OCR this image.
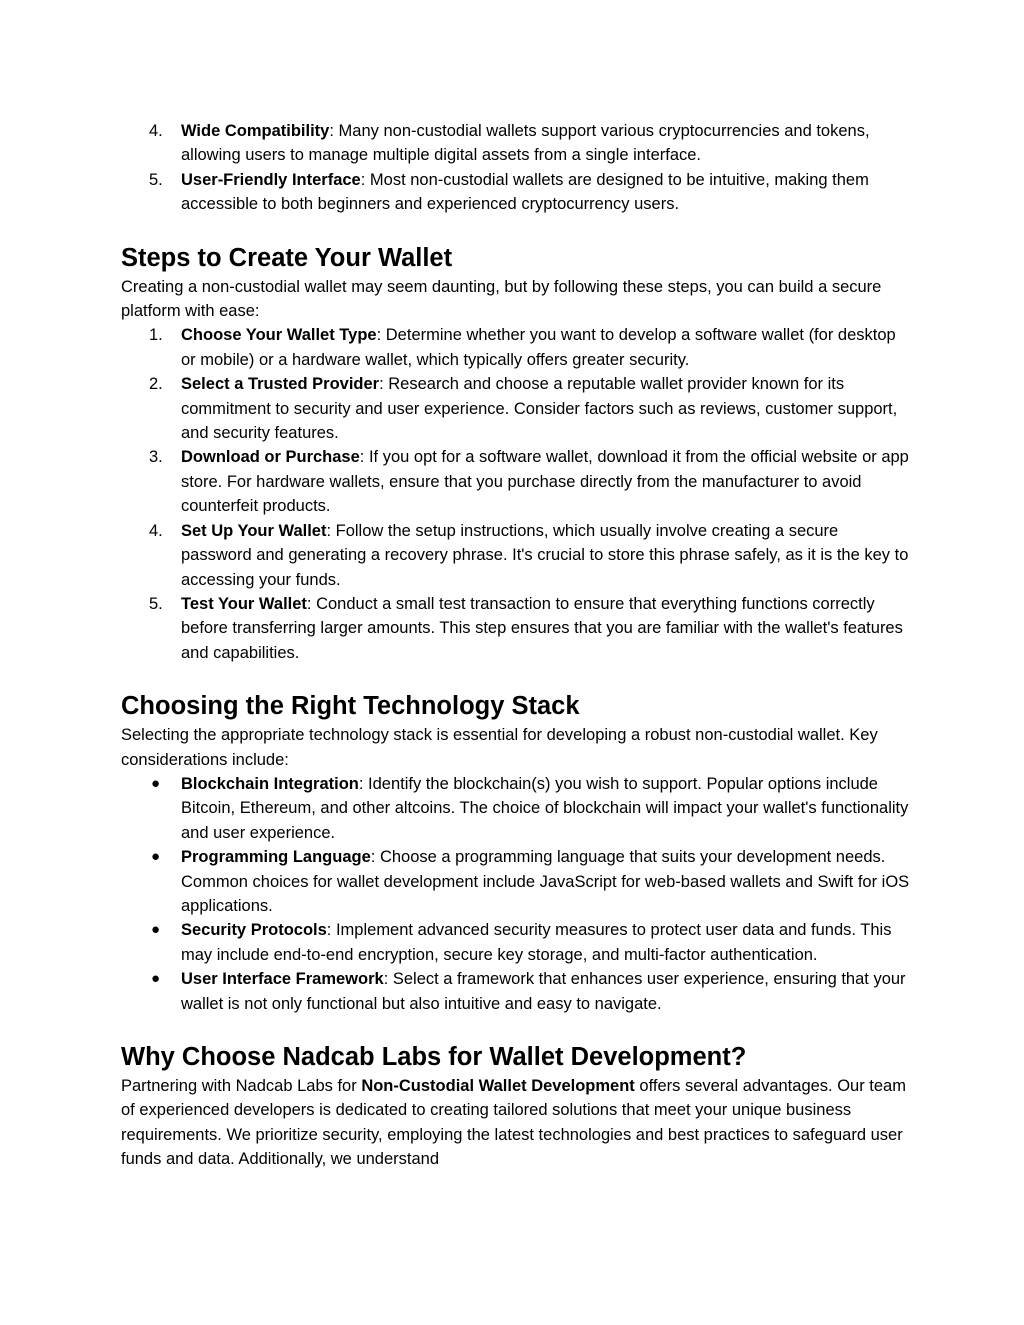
4.	Wide Compatibility: Many non-custodial wallets support various cryptocurrencies and tokens, allowing users to manage multiple digital assets from a single interface.
5.	User-Friendly Interface: Most non-custodial wallets are designed to be intuitive, making them accessible to both beginners and experienced cryptocurrency users.
Steps to Create Your Wallet

Creating a non-custodial wallet may seem daunting, but by following these steps, you can build a secure platform with ease:

1.	Choose Your Wallet Type: Determine whether you want to develop a software wallet (for desktop or mobile) or a hardware wallet, which typically offers greater security.
2.	Select a Trusted Provider: Research and choose a reputable wallet provider known for its commitment to security and user experience. Consider factors such as reviews, customer support, and security features.
3.	Download or Purchase: If you opt for a software wallet, download it from the official website or app store. For hardware wallets, ensure that you purchase directly from the manufacturer to avoid counterfeit products.
4.	Set Up Your Wallet: Follow the setup instructions, which usually involve creating a secure password and generating a recovery phrase. It's crucial to store this phrase safely, as it is the key to accessing your funds.
5.	Test Your Wallet: Conduct a small test transaction to ensure that everything functions correctly before transferring larger amounts. This step ensures that you are familiar with the wallet's features and capabilities.
Choosing the Right Technology Stack

Selecting the appropriate technology stack is essential for developing a robust non-custodial wallet. Key considerations include:

●	Blockchain Integration: Identify the blockchain(s) you wish to support. Popular options include Bitcoin, Ethereum, and other altcoins. The choice of blockchain will impact your wallet's functionality and user experience.
●	Programming Language: Choose a programming language that suits your development needs. Common choices for wallet development include JavaScript for web-based wallets and Swift for iOS applications.
●	Security Protocols: Implement advanced security measures to protect user data and funds. This may include end-to-end encryption, secure key storage, and multi-factor authentication.
●	User Interface Framework: Select a framework that enhances user experience, ensuring that your wallet is not only functional but also intuitive and easy to navigate.
Why Choose Nadcab Labs for Wallet Development?

Partnering with Nadcab Labs for Non-Custodial Wallet Development offers several advantages. Our team of experienced developers is dedicated to creating tailored solutions that meet your unique business requirements. We prioritize security, employing the latest technologies and best practices to safeguard user funds and data. Additionally, we understand
